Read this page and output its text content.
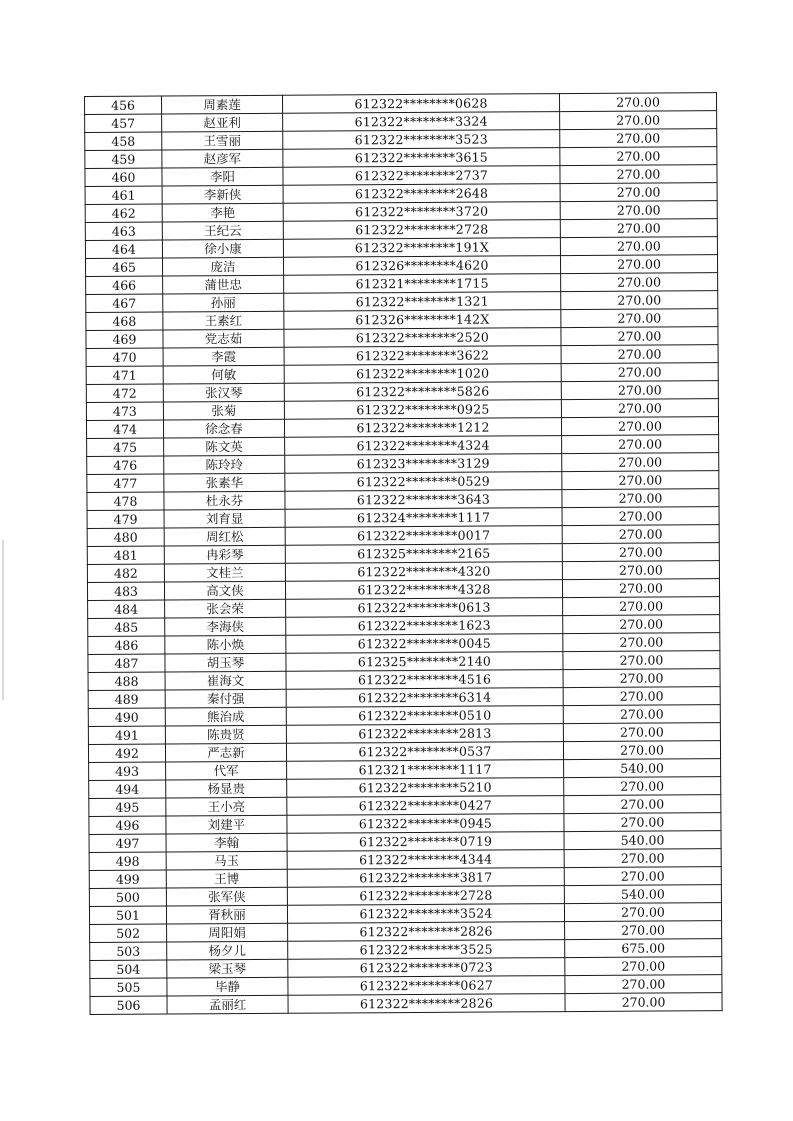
456	周素莲	612322********0628	270.00
457	赵亚利	612322********3324	270.00
458	王雪丽	612322********3523	270.00
459	赵彦军	612322********3615	270.00
460	李阳	612322********2737	270.00
461	李新侠	612322********2648	270.00
462	李艳	612322********3720	270.00
463	王纪云	612322********2728	270.00
464	徐小康	612322********191X	270.00
465	庞洁	612326********4620	270.00
466	蒲世忠	612321********1715	270.00
467	孙丽	612322********1321	270.00
468	王素红	612326********142X	270.00
469	党志茹	612322********2520	270.00
470	李霞	612322********3622	270.00
471	何敏	612322********1020	270.00
472	张汉琴	612322********5826	270.00
473	张菊	612322********0925	270.00
474	徐念春	612322********1212	270.00
475	陈文英	612322********4324	270.00
476	陈玲玲	612323********3129	270.00
477	张素华	612322********0529	270.00
478	杜永芬	612322********3643	270.00
479	刘育显	612324********1117	270.00
480	周红松	612322********0017	270.00
481	冉彩琴	612325********2165	270.00
482	文桂兰	612322********4320	270.00
483	高文侠	612322********4328	270.00
484	张会荣	612322********0613	270.00
485	李海侠	612322********1623	270.00
486	陈小焕	612322********0045	270.00
487	胡玉琴	612325********2140	270.00
488	崔海文	612322********4516	270.00
489	秦付强	612322********6314	270.00
490	熊治成	612322********0510	270.00
491	陈贵贤	612322********2813	270.00
492	严志新	612322********0537	270.00
493	代军	612321********1117	540.00
494	杨显贵	612322********5210	270.00
495	王小亮	612322********0427	270.00
496	刘建平	612322********0945	270.00
497	李翰	612322********0719	540.00
498	马玉	612322********4344	270.00
499	王博	612322********3817	270.00
500	张军侠	612322********2728	540.00
501	胥秋丽	612322********3524	270.00
502	周阳娟	612322********2826	270.00
503	杨夕儿	612322********3525	675.00
504	梁玉琴	612322********0723	270.00
505	毕静	612322********0627	270.00
506	孟丽红	612322********2826	270.00
